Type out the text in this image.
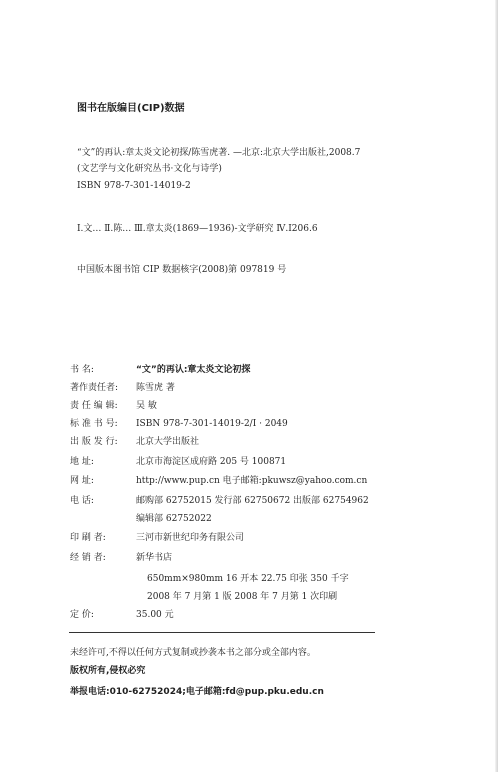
图书在版编目(CIP)数据
“文”的再认:章太炎文论初探/陈雪虎著. —北京:北京大学出版社,2008.7
(文艺学与文化研究丛书·文化与诗学)
ISBN 978-7-301-14019-2
Ⅰ.文… Ⅱ.陈… Ⅲ.章太炎(1869—1936)-文学研究 Ⅳ.I206.6
中国版本图书馆 CIP 数据核字(2008)第 097819 号
书 名:	“文”的再认:章太炎文论初探
著作责任者: 陈雪虎 著
责 任 编 辑: 吴 敏
标 准 书 号: ISBN 978-7-301-14019-2/I · 2049
出 版 发 行: 北京大学出版社
地 址:	北京市海淀区成府路 205 号 100871
网 址:	http://www.pup.cn 电子邮箱:pkuwsz@yahoo.com.cn
电 话:	邮购部 62752015 发行部 62750672 出版部 62754962
编辑部 62752022
印 刷 者:	三河市新世纪印务有限公司
经 销 者:	新华书店
650mm×980mm 16 开本 22.75 印张 350 千字
2008 年 7 月第 1 版 2008 年 7 月第 1 次印刷
定 价:	35.00 元
未经许可,不得以任何方式复制或抄袭本书之部分或全部内容。
版权所有,侵权必究
举报电话:010-62752024;电子邮箱:fd@pup.pku.edu.cn
